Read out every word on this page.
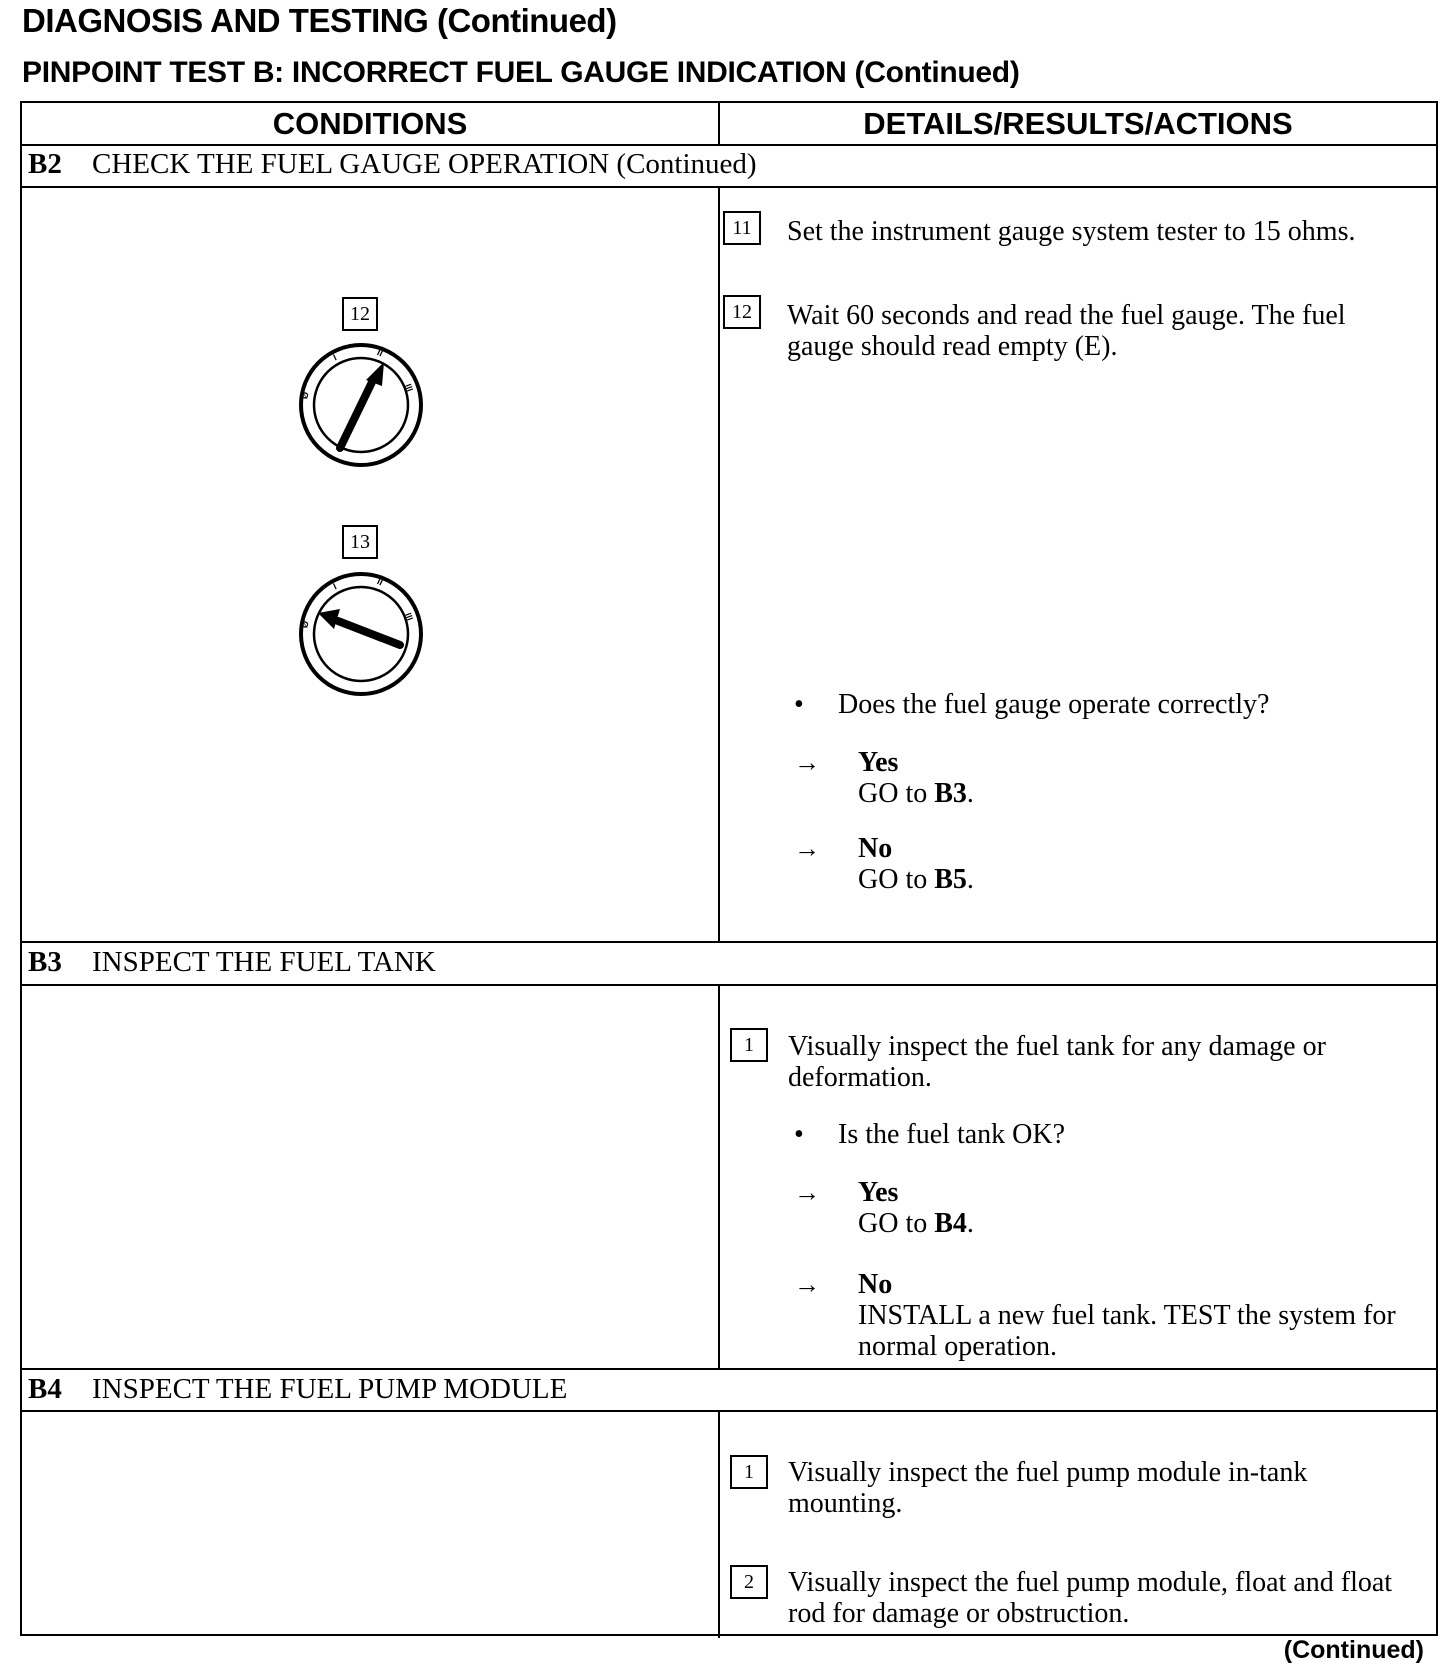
DIAGNOSIS AND TESTING (Continued)
PINPOINT TEST B: INCORRECT FUEL GAUGE INDICATION (Continued)
CONDITIONS	DETAILS/RESULTS/ACTIONS
B2 CHECK THE FUEL GAUGE OPERATION (Continued)
12
Ø
I	II
III
13
Ø
I	II
III
11	Set the instrument gauge system tester to 15 ohms.
12	Wait 60 seconds and read the fuel gauge. The fuel gauge should read empty (E).
• Does the fuel gauge operate correctly?
→ Yes
GO to B3.
→ No
GO to B5.
B3 INSPECT THE FUEL TANK
1	Visually inspect the fuel tank for any damage or deformation.
• Is the fuel tank OK?
→ Yes
GO to B4.
→ No
INSTALL a new fuel tank. TEST the system for normal operation.
B4 INSPECT THE FUEL PUMP MODULE
1	Visually inspect the fuel pump module in-tank mounting.
2	Visually inspect the fuel pump module, float and float rod for damage or obstruction.
(Continued)
